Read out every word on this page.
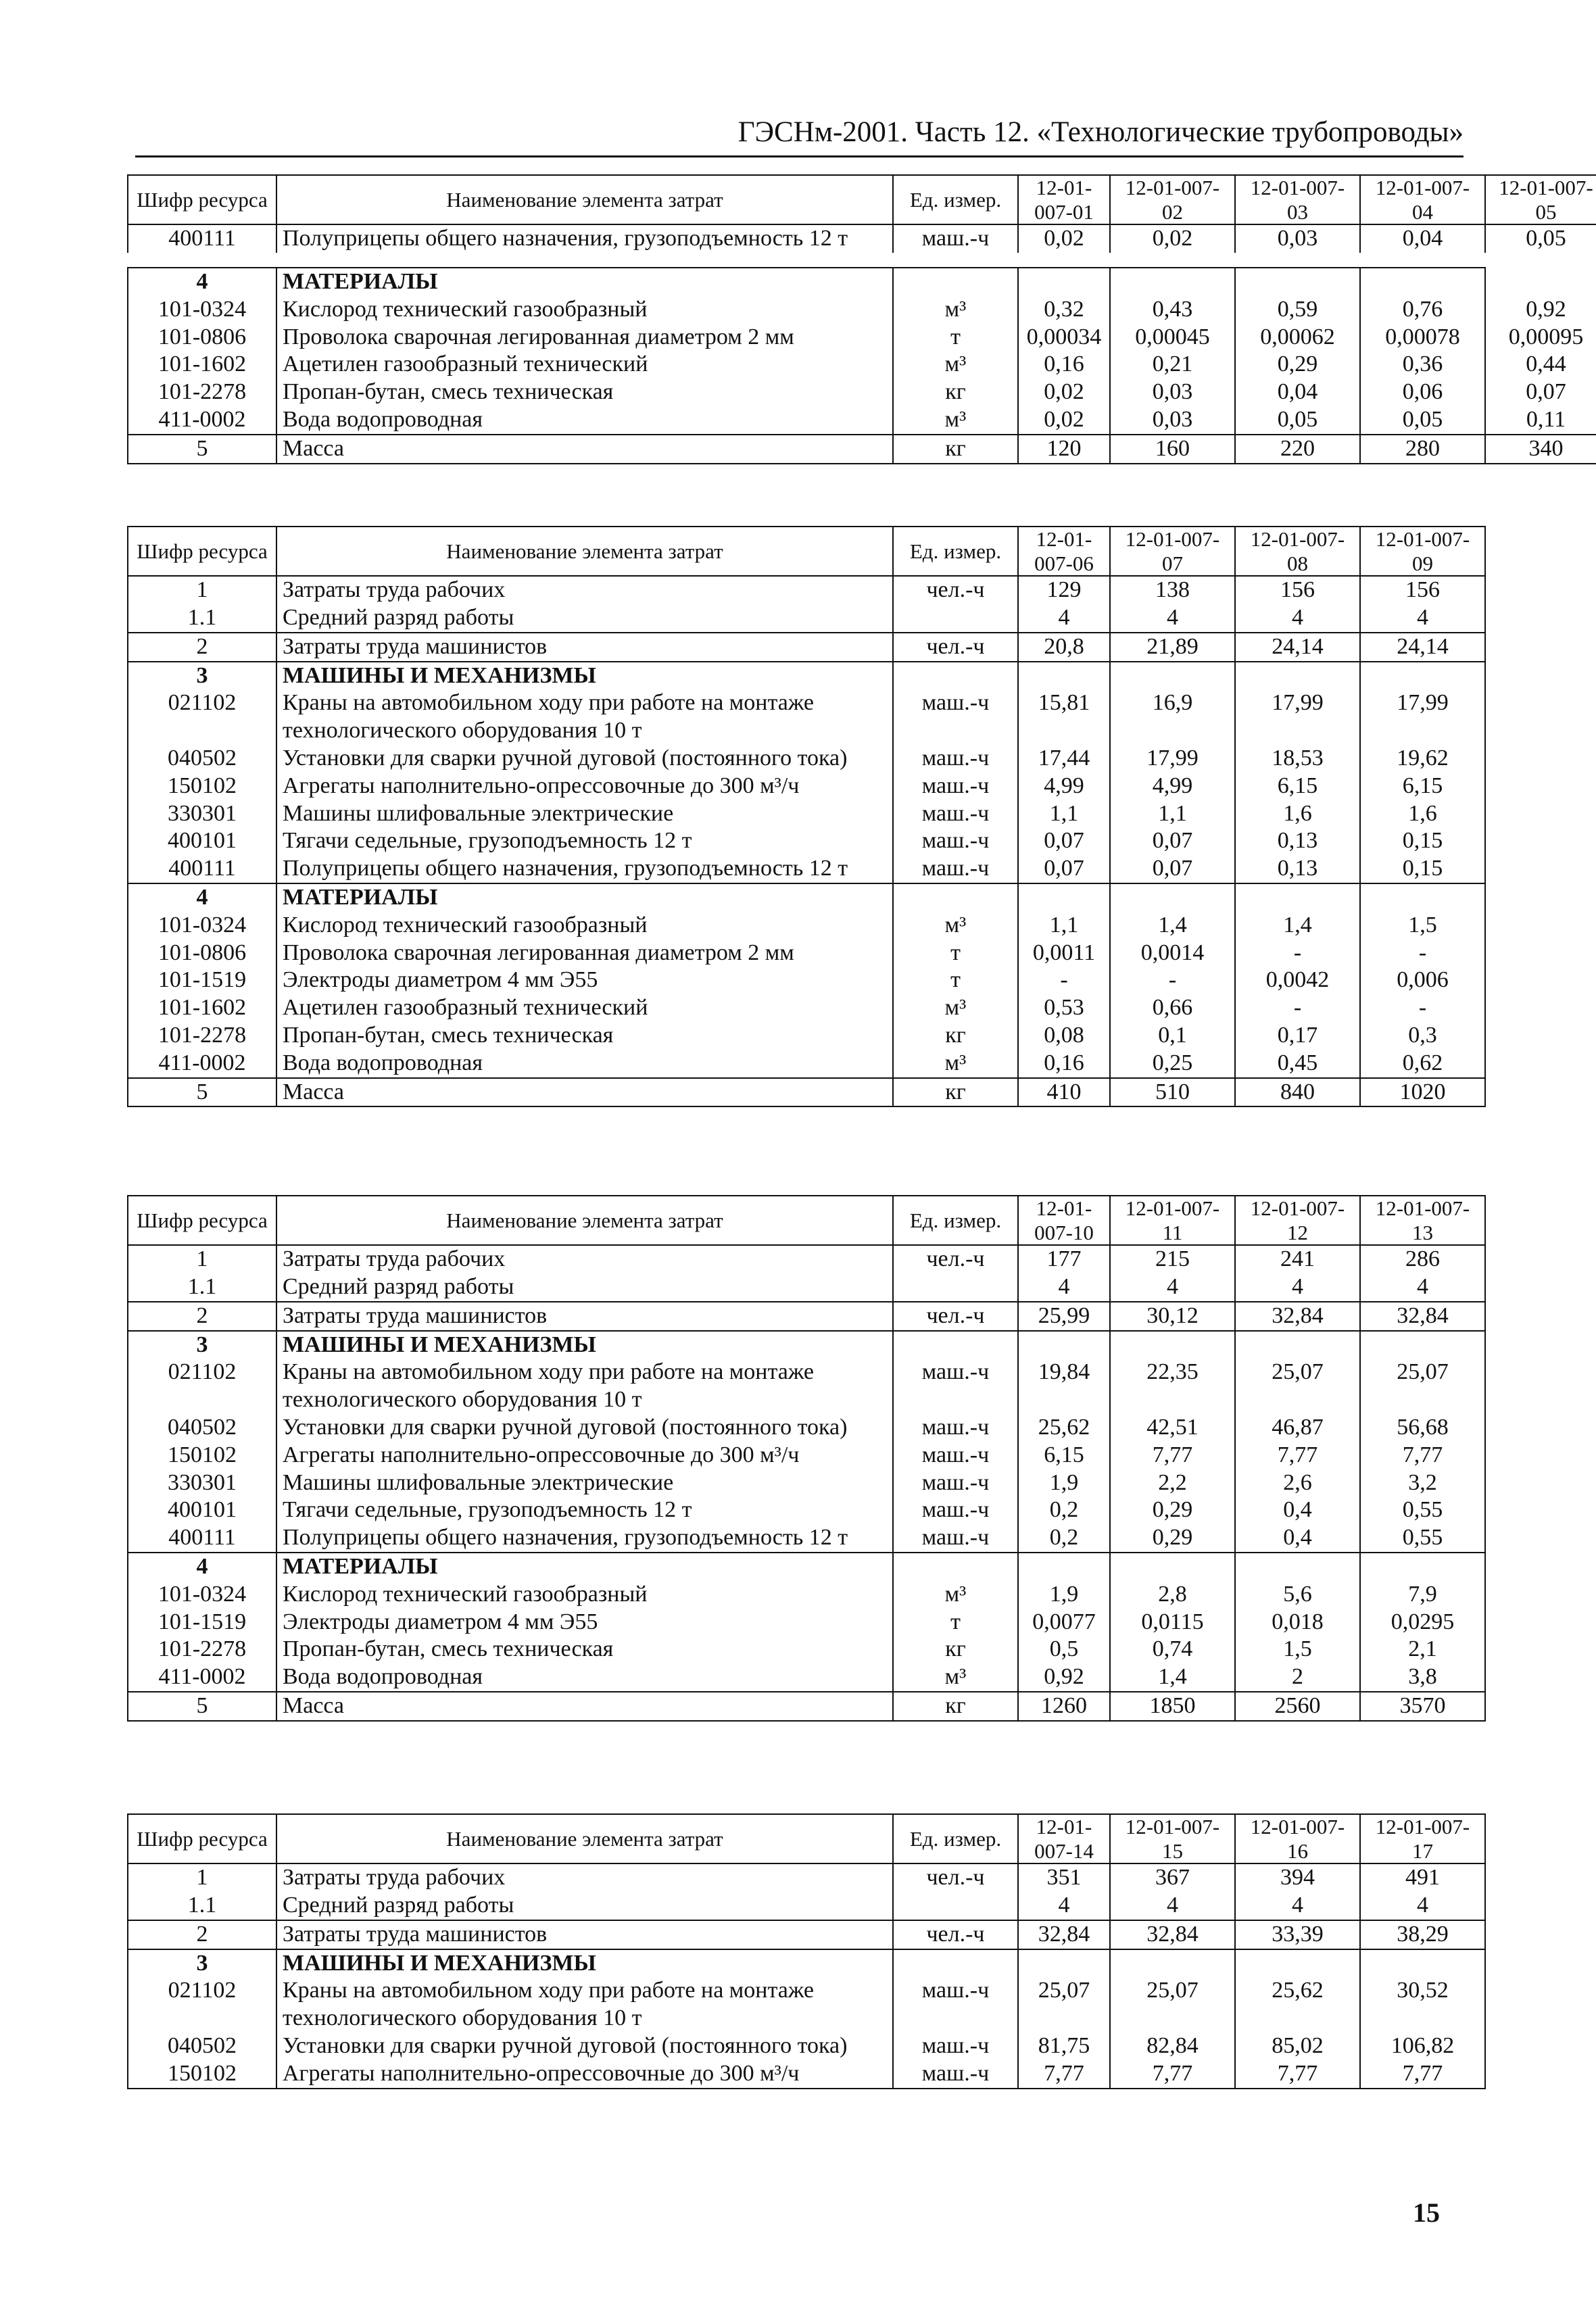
ГЭСНм-2001. Часть 12. «Технологические трубопроводы»
Шифр ресурса	Наименование элемента затрат	Ед. измер.	12-01-007-01	12-01-007-02	12-01-007-03	12-01-007-04	12-01-007-05
400111	Полуприцепы общего назначения, грузоподъемность 12 т	маш.-ч	0,02	0,02	0,03	0,04	0,05
4	МАТЕРИАЛЫ						
101-0324	Кислород технический газообразный	м³	0,32	0,43	0,59	0,76	0,92
101-0806	Проволока сварочная легированная диаметром 2 мм	т	0,00034	0,00045	0,00062	0,00078	0,00095
101-1602	Ацетилен газообразный технический	м³	0,16	0,21	0,29	0,36	0,44
101-2278	Пропан-бутан, смесь техническая	кг	0,02	0,03	0,04	0,06	0,07
411-0002	Вода водопроводная	м³	0,02	0,03	0,05	0,05	0,11

5	Масса	кг	120	160	220	280	340
Шифр ресурса	Наименование элемента затрат	Ед. измер.	12-01-007-06	12-01-007-07	12-01-007-08	12-01-007-09
1	Затраты труда рабочих	чел.-ч	129	138	156	156
1.1	Средний разряд работы		4	4	4	4
2	Затраты труда машинистов	чел.-ч	20,8	21,89	24,14	24,14
3	МАШИНЫ И МЕХАНИЗМЫ					
021102	Краны на автомобильном ходу при работе на монтаже технологического оборудования 10 т	маш.-ч	15,81	16,9	17,99	17,99
040502	Установки для сварки ручной дуговой (постоянного тока)	маш.-ч	17,44	17,99	18,53	19,62
150102	Агрегаты наполнительно-опрессовочные до 300 м³/ч	маш.-ч	4,99	4,99	6,15	6,15
330301	Машины шлифовальные электрические	маш.-ч	1,1	1,1	1,6	1,6
400101	Тягачи седельные, грузоподъемность 12 т	маш.-ч	0,07	0,07	0,13	0,15
400111	Полуприцепы общего назначения, грузоподъемность 12 т	маш.-ч	0,07	0,07	0,13	0,15
4	МАТЕРИАЛЫ					
101-0324	Кислород технический газообразный	м³	1,1	1,4	1,4	1,5
101-0806	Проволока сварочная легированная диаметром 2 мм	т	0,0011	0,0014	-	-
101-1519	Электроды диаметром 4 мм Э55	т	-	-	0,0042	0,006
101-1602	Ацетилен газообразный технический	м³	0,53	0,66	-	-
101-2278	Пропан-бутан, смесь техническая	кг	0,08	0,1	0,17	0,3
411-0002	Вода водопроводная	м³	0,16	0,25	0,45	0,62
5	Масса	кг	410	510	840	1020
Шифр ресурса	Наименование элемента затрат	Ед. измер.	12-01-007-10	12-01-007-11	12-01-007-12	12-01-007-13
1	Затраты труда рабочих	чел.-ч	177	215	241	286
1.1	Средний разряд работы		4	4	4	4
2	Затраты труда машинистов	чел.-ч	25,99	30,12	32,84	32,84
3	МАШИНЫ И МЕХАНИЗМЫ					
021102	Краны на автомобильном ходу при работе на монтаже технологического оборудования 10 т	маш.-ч	19,84	22,35	25,07	25,07
040502	Установки для сварки ручной дуговой (постоянного тока)	маш.-ч	25,62	42,51	46,87	56,68
150102	Агрегаты наполнительно-опрессовочные до 300 м³/ч	маш.-ч	6,15	7,77	7,77	7,77
330301	Машины шлифовальные электрические	маш.-ч	1,9	2,2	2,6	3,2
400101	Тягачи седельные, грузоподъемность 12 т	маш.-ч	0,2	0,29	0,4	0,55
400111	Полуприцепы общего назначения, грузоподъемность 12 т	маш.-ч	0,2	0,29	0,4	0,55
4	МАТЕРИАЛЫ					
101-0324	Кислород технический газообразный	м³	1,9	2,8	5,6	7,9
101-1519	Электроды диаметром 4 мм Э55	т	0,0077	0,0115	0,018	0,0295
101-2278	Пропан-бутан, смесь техническая	кг	0,5	0,74	1,5	2,1
411-0002	Вода водопроводная	м³	0,92	1,4	2	3,8
5	Масса	кг	1260	1850	2560	3570
Шифр ресурса	Наименование элемента затрат	Ед. измер.	12-01-007-14	12-01-007-15	12-01-007-16	12-01-007-17
1	Затраты труда рабочих	чел.-ч	351	367	394	491
1.1	Средний разряд работы		4	4	4	4
2	Затраты труда машинистов	чел.-ч	32,84	32,84	33,39	38,29
3	МАШИНЫ И МЕХАНИЗМЫ					
021102	Краны на автомобильном ходу при работе на монтаже технологического оборудования 10 т	маш.-ч	25,07	25,07	25,62	30,52
040502	Установки для сварки ручной дуговой (постоянного тока)	маш.-ч	81,75	82,84	85,02	106,82
150102	Агрегаты наполнительно-опрессовочные до 300 м³/ч	маш.-ч	7,77	7,77	7,77	7,77
15
